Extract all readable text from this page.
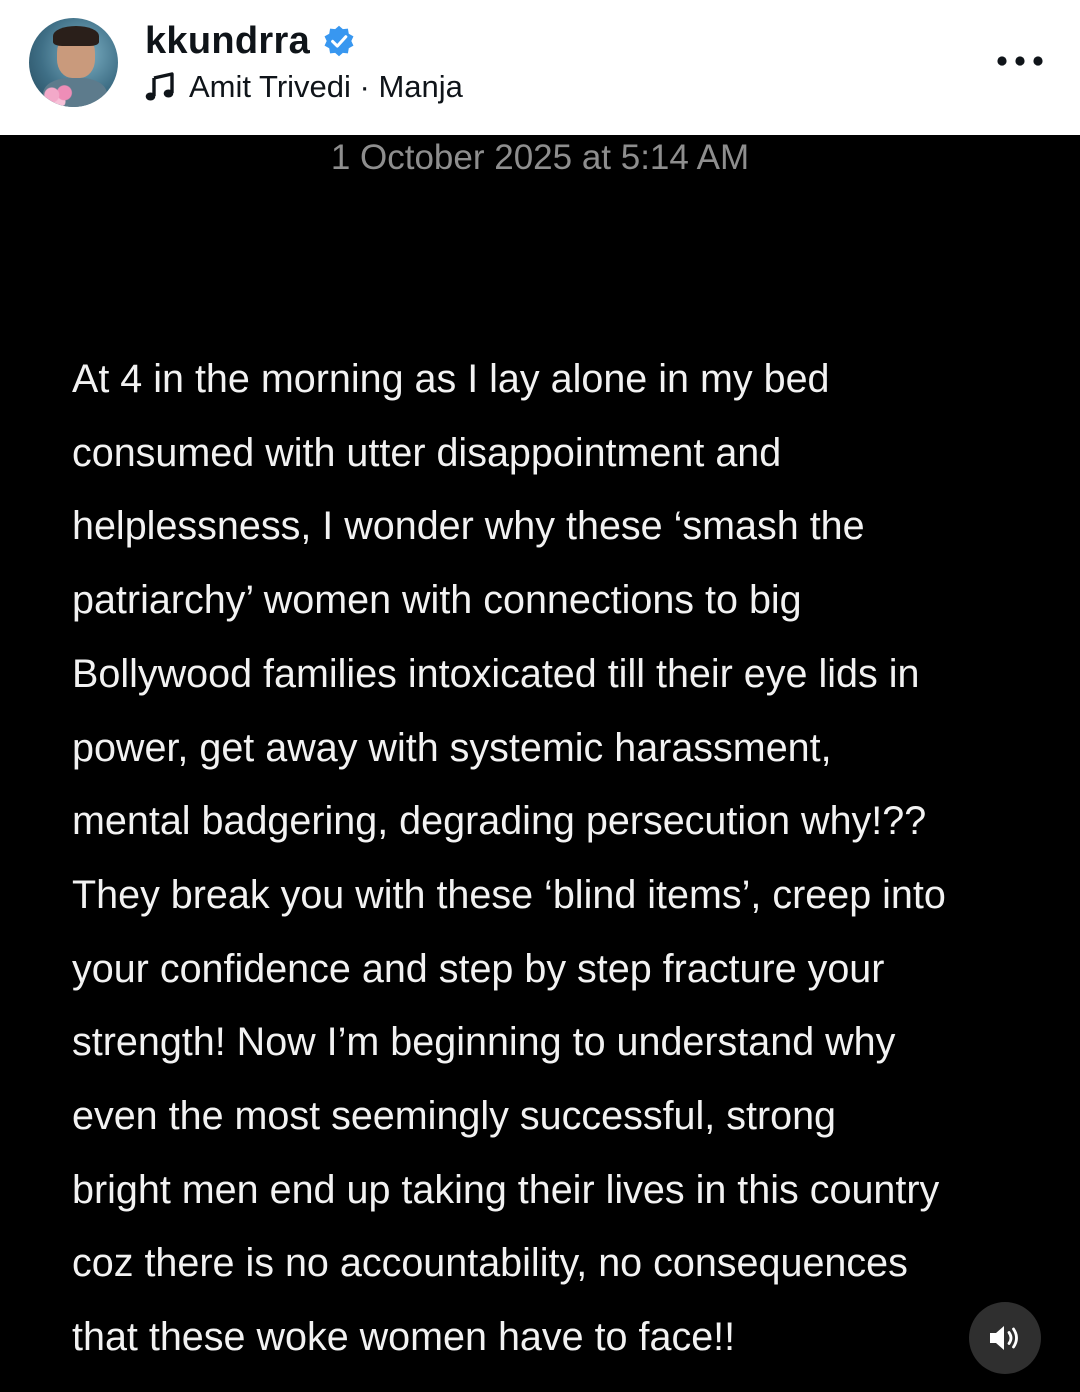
kkundrra
Amit Trivedi · Manja
1 October 2025 at 5:14 AM
At 4 in the morning as I lay alone in my bed
consumed with utter disappointment and
helplessness, I wonder why these ‘smash the
patriarchy’ women with connections to big
Bollywood families intoxicated till their eye lids in
power, get away with systemic harassment,
mental badgering, degrading persecution why!??
They break you with these ‘blind items’, creep into
your confidence and step by step fracture your
strength! Now I’m beginning to understand why
even the most seemingly successful, strong
bright men end up taking their lives in this country
coz there is no accountability, no consequences
that these woke women have to face!!
